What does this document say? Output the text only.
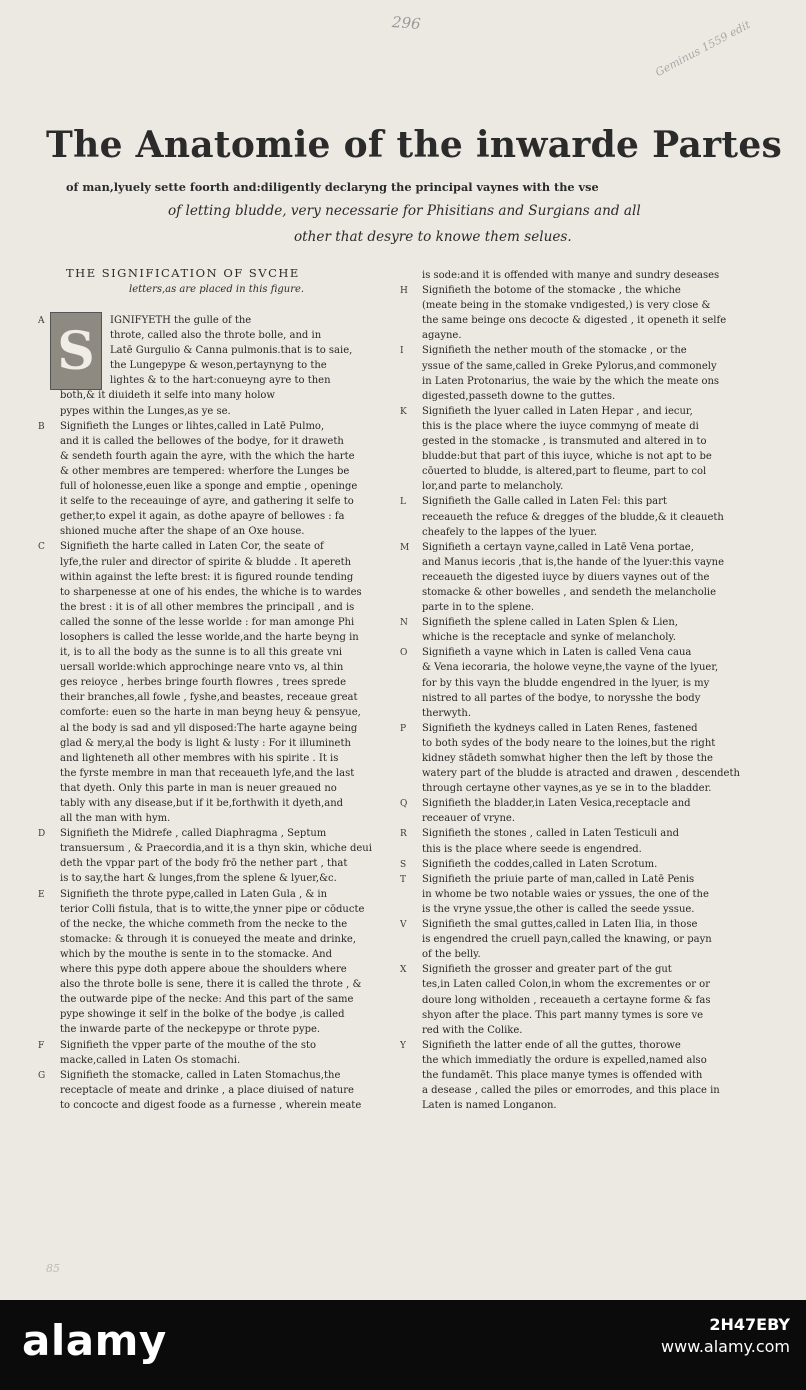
296	Geminus 1559 edit
The Anatomie of the inwarde Partes
of man,lyuely sette foorth and:diligently declaryng the principal vaynes with the vse
of letting bludde, very necessarie for Phisitians and Surgians and all
other that desyre to knowe them selues.
THE SIGNIFICATION OF SVCHE
letters,as are placed in this figure.
A	IGNIFYETH the gulle of the
throte, called also the throte bolle, and in
Latē Gurgulio & Canna pulmonis.that is to saie,
the Lungepype & weson,pertaynyng to the
lightes & to the hart:conueyng ayre to then
both,& it diuideth it selfe into many holow
pypes within the Lunges,as ye se.
B Signifieth the Lunges or lihtes,called in Latē Pulmo,
and it is called the bellowes of the bodye, for it draweth
& sendeth fourth again the ayre, with the which the harte
& other membres are tempered: wherfore the Lunges be
full of holonesse,euen like a sponge and emptie , openinge
it selfe to the receauinge of ayre, and gathering it selfe to
gether,to expel it again, as dothe apayre of bellowes : fa
shioned muche after the shape of an Oxe house.
C Signifieth the harte called in Laten Cor, the seate of
lyfe,the ruler and director of spirite & bludde . It apereth
within against the lefte brest: it is figured rounde tending
to sharpenesse at one of his endes, the whiche is to wardes
the brest : it is of all other membres the principall , and is
called the sonne of the lesse worlde : for man amonge Phi
losophers is called the lesse worlde,and the harte beyng in
it, is to all the body as the sunne is to all this greate vni
uersall worlde:which approchinge neare vnto vs, al thin
ges reioyce , herbes bringe fourth flowres , trees sprede
their branches,all fowle , fyshe,and beastes, receaue great
comforte: euen so the harte in man beyng heuy & pensyue,
al the body is sad and yll disposed:The harte agayne being
glad & mery,al the body is light & lusty : For it illumineth
and lighteneth all other membres with his spirite . It is
the fyrste membre in man that receaueth lyfe,and the last
that dyeth. Only this parte in man is neuer greaued no
tably with any disease,but if it be,forthwith it dyeth,and
all the man with hym.
D Signifieth the Midrefe , called Diaphragma , Septum
transuersum , & Praecordia,and it is a thyn skin, whiche deui
deth the vppar part of the body frō the nether part , that
is to say,the hart & lunges,from the splene & lyuer,&c.
E Signifieth the throte pype,called in Laten Gula , & in
terior Colli fistula, that is to witte,the ynner pipe or cōducte
of the necke, the whiche commeth from the necke to the
stomacke: & through it is conueyed the meate and drinke,
which by the mouthe is sente in to the stomacke. And
where this pype doth appere aboue the shoulders where
also the throte bolle is sene, there it is called the throte , &
the outwarde pipe of the necke: And this part of the same
pype showinge it self in the bolke of the bodye ,is called
the inwarde parte of the neckepype or throte pype.
F Signifieth the vpper parte of the mouthe of the sto
macke,called in Laten Os stomachi.
G Signifieth the stomacke, called in Laten Stomachus,the
receptacle of meate and drinke , a place diuised of nature
to concocte and digest foode as a furnesse , wherein meate
is sode:and it is offended with manye and sundry deseases
H Signifieth the botome of the stomacke , the whiche
(meate being in the stomake vndigested,) is very close &
the same beinge ons decocte & digested , it openeth it selfe
agayne.
I Signifieth the nether mouth of the stomacke , or the
yssue of the same,called in Greke Pylorus,and commonely
in Laten Protonarius, the waie by the which the meate ons
digested,passeth downe to the guttes.
K Signifieth the lyuer called in Laten Hepar , and iecur,
this is the place where the iuyce commyng of meate di
gested in the stomacke , is transmuted and altered in to
bludde:but that part of this iuyce, whiche is not apt to be
cōuerted to bludde, is altered,part to fleume, part to col
lor,and parte to melancholy.
L Signifieth the Galle called in Laten Fel: this part
receaueth the refuce & dregges of the bludde,& it cleaueth
cheafely to the lappes of the lyuer.
M Signifieth a certayn vayne,called in Latē Vena portae,
and Manus iecoris ,that is,the hande of the lyuer:this vayne
receaueth the digested iuyce by diuers vaynes out of the
stomacke & other bowelles , and sendeth the melancholie
parte in to the splene.
N Signifieth the splene called in Laten Splen & Lien,
whiche is the receptacle and synke of melancholy.
O Signifieth a vayne which in Laten is called Vena caua
& Vena iecoraria, the holowe veyne,the vayne of the lyuer,
for by this vayn the bludde engendred in the lyuer, is my
nistred to all partes of the bodye, to norysshe the body
therwyth.
P Signifieth the kydneys called in Laten Renes, fastened
to both sydes of the body neare to the loines,but the right
kidney stādeth somwhat higher then the left by those the
watery part of the bludde is atracted and drawen , descendeth
through certayne other vaynes,as ye se in to the bladder.
Q Signifieth the bladder,in Laten Vesica,receptacle and
receauer of vryne.
R Signifieth the stones , called in Laten Testiculi and
this is the place where seede is engendred.
S Signifieth the coddes,called in Laten Scrotum.
T Signifieth the priuie parte of man,called in Latē Penis
in whome be two notable waies or yssues, the one of the
is the vryne yssue,the other is called the seede yssue.
V Signifieth the smal guttes,called in Laten Ilia, in those
is engendred the cruell payn,called the knawing, or payn
of the belly.
X Signifieth the grosser and greater part of the gut
tes,in Laten called Colon,in whom the excrementes or or
doure long witholden , receaueth a certayne forme & fas
shyon after the place. This part manny tymes is sore ve
red with the Colike.
Y Signifieth the latter ende of all the guttes, thorowe
the which immediatly the ordure is expelled,named also
the fundamēt. This place manye tymes is offended with
a desease , called the piles or emorrodes, and this place in
Laten is named Longanon.
S
85
alamy	2H47EBY
www.alamy.com
